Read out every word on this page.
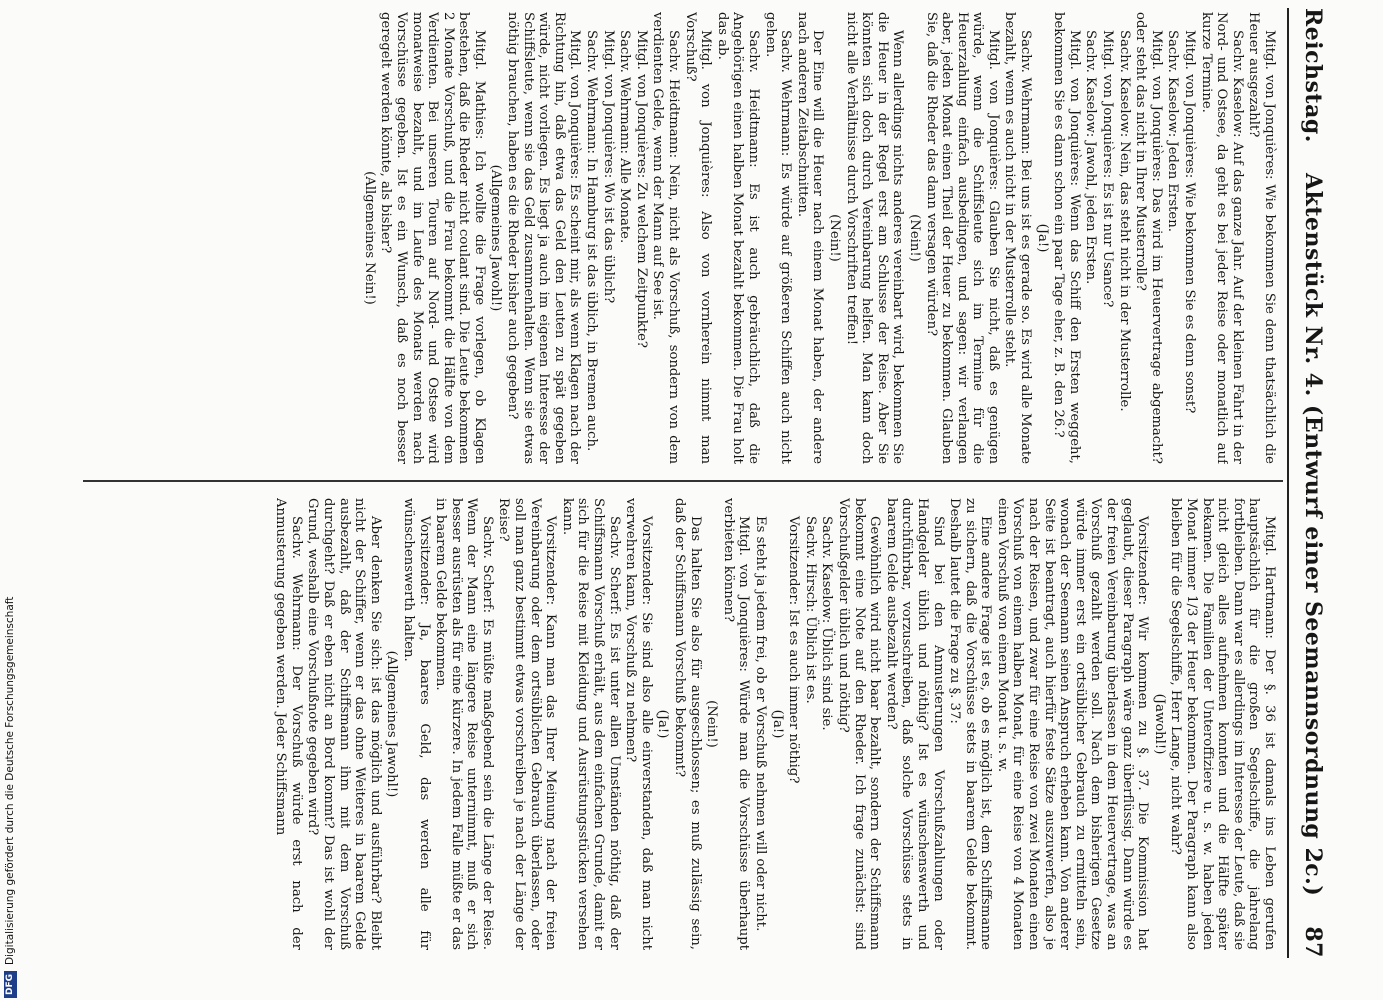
Reichstag.
Aktenstück Nr. 4. (Entwurf einer Seemannsordnung 2c.)
87

Mitgl. von Jonquières: Wie bekommen Sie denn thatsächlich die Heuer ausgezahlt?

Sachv. Kaselow: Auf das ganze Jahr. Auf der kleinen Fahrt in der Nord- und Ostsee, da geht es bei jeder Reise oder monatlich auf kurze Termine.

Mitgl. von Jonquières: Wie bekommen Sie es denn sonst?

Sachv. Kaselow: Jeden Ersten.

Mitgl. von Jonquières: Das wird im Heuervertrage abgemacht? oder steht das nicht in Ihrer Musterrolle?

Sachv. Kaselow: Nein, das steht nicht in der Musterrolle.

Mitgl. von Jonquières: Es ist nur Usance?

Sachv. Kaselow: Jawohl, jeden Ersten.

Mitgl. von Jonquières: Wenn das Schiff den Ersten weggeht, bekommen Sie es dann schon ein paar Tage eher, z. B. den 26.?

(Ja!)

Sachv. Wehrmann: Bei uns ist es gerade so. Es wird alle Monate bezahlt, wenn es auch nicht in der Musterrolle steht.

Mitgl. von Jonquières: Glauben Sie nicht, daß es genügen würde, wenn die Schiffsleute sich im Termine für die Heuerzahlung einfach ausbedingen, und sagen: wir verlangen aber, jeden Monat einen Theil der Heuer zu bekommen. Glauben Sie, daß die Rheder das dann versagen würden?

(Nein!)

Wenn allerdings nichts anderes vereinbart wird, bekommen Sie die Heuer in der Regel erst am Schlusse der Reise. Aber Sie könnten sich doch durch Vereinbarung helfen. Man kann doch nicht alle Verhältnisse durch Vorschriften treffen!

(Nein!)

Der Eine will die Heuer nach einem Monat haben, der andere nach anderen Zeitabschnitten.

Sachv. Wehrmann: Es würde auf größeren Schiffen auch nicht gehen.

Sachv. Heidtmann: Es ist auch gebräuchlich, daß die Angehörigen einen halben Monat bezahlt bekommen. Die Frau holt das ab.

Mitgl. von Jonquières: Also von vornherein nimmt man Vorschuß?

Sachv. Heidtmann: Nein, nicht als Vorschuß, sondern von dem verdienten Gelde, wenn der Mann auf See ist.

Mitgl. von Jonquières: Zu welchem Zeitpunkte?

Sachv. Wehrmann: Alle Monate.

Mitgl. von Jonquières: Wo ist das üblich?

Sachv. Wehrmann: In Hamburg ist das üblich, in Bremen auch.

Mitgl. von Jonquières: Es scheint mir, als wenn Klagen nach der Richtung hin, daß etwa das Geld den Leuten zu spät gegeben würde, nicht vorliegen. Es liegt ja auch im eigenen Interesse der Schiffsleute, wenn sie das Geld zusammenhalten. Wenn sie etwas nöthig brauchen, haben es die Rheder bisher auch gegeben?

(Allgemeines Jawohl!)

Mitgl. Mathies: Ich wollte die Frage vorlegen, ob Klagen bestehen, daß die Rheder nicht coulant sind. Die Leute bekommen 2 Monate Vorschuß, und die Frau bekommt die Hälfte von dem Verdienten. Bei unseren Touren auf Nord- und Ostsee wird monatweise bezahlt, und im Laufe des Monats werden nach Vorschüsse gegeben. Ist es ein Wunsch, daß es noch besser geregelt werden könnte, als bisher?

(Allgemeines Nein!)

Mitgl. Hartmann: Der §. 36 ist damals ins Leben gerufen hauptsächlich für die großen Segelschiffe, die jahrelang fortbleiben. Dann war es allerdings im Interesse der Leute, daß sie nicht gleich alles aufnehmen konnten und die Hälfte später bekamen. Die Familien der Unteroffiziere u. s. w. haben jeden Monat immer 1/3 der Heuer bekommen. Der Paragraph kann also bleiben für die Segelschiffe, Herr Lange, nicht wahr?

(Jawohl!)

Vorsitzender: Wir kommen zu §. 37. Die Kommission hat geglaubt, dieser Paragraph wäre ganz überflüssig. Dann würde es der freien Vereinbarung überlassen in dem Heuervertrage, was an Vorschuß gezahlt werden soll. Nach dem bisherigen Gesetze würde immer erst ein ortsüblicher Gebrauch zu ermitteln sein, wonach der Seemann seinen Anspruch erheben kann. Von anderer Seite ist beantragt, auch hierfür feste Sätze auszuwerfen, also je nach der Reisen, und zwar für eine Reise von zwei Monaten einen Vorschuß von einem halben Monat, für eine Reise von 4 Monaten einen Vorschuß von einem Monat u. s. w.

Eine andere Frage ist es, ob es möglich ist, dem Schiffsmanne zu sichern, daß die Vorschüsse stets in baarem Gelde bekommt. Deshalb lautet die Frage zu §. 37:

Sind bei den Anmusterungen Vorschußzahlungen oder Handgelder üblich und nöthig? Ist es wünschenswerth und durchführbar, vorzuschreiben, daß solche Vorschüsse stets in baarem Gelde ausbezahlt werden?

Gewöhnlich wird nicht baar bezahlt, sondern der Schiffsmann bekommt eine Note auf den Rheder. Ich frage zunächst: sind Vorschußgelder üblich und nöthig?

Sachv. Kaselow: Üblich sind sie.

Sachv. Hirsch: Üblich ist es.

Vorsitzender: Ist es auch immer nöthig?

(Ja!)

Es steht ja jedem frei, ob er Vorschuß nehmen will oder nicht.

Mitgl. von Jonquières: Würde man die Vorschüsse überhaupt verbieten können?

(Nein!)

Das halten Sie also für ausgeschlossen; es muß zulässig sein, daß der Schiffsmann Vorschuß bekommt?

(Ja!)

Vorsitzender: Sie sind also alle einverstanden, daß man nicht verwehren kann, Vorschuß zu nehmen?

Sachv. Scherf: Es ist unter allen Umständen nöthig, daß der Schiffsmann Vorschuß erhält, aus dem einfachen Grunde, damit er sich für die Reise mit Kleidung und Ausrüstungsstücken versehen kann.

Vorsitzender: Kann man das Ihrer Meinung nach der freien Vereinbarung oder dem ortsüblichen Gebrauch überlassen, oder soll man ganz bestimmt etwas vorschreiben je nach der Länge der Reise?

Sachv. Scherf: Es müßte maßgebend sein die Länge der Reise. Wenn der Mann eine längere Reise unternimmt, muß er sich besser ausrüsten als für eine kürzere. In jedem Falle müßte er das in baarem Gelde bekommen.

Vorsitzender: Ja, baares Geld, das werden alle für wünschenswerth halten.

(Allgemeines Jawohl!)

Aber denken Sie sich: ist das möglich und ausführbar? Bleibt nicht der Schiffer, wenn er das ohne Weiteres in baarem Gelde ausbezahlt, daß der Schiffsmann ihm mit dem Vorschuß durchgeht? Daß er eben nicht an Bord kommt? Das ist wohl der Grund, weshalb eine Vorschußnote gegeben wird?

Sachv. Wehrmann: Der Vorschuß würde erst nach der Anmusterung gegeben werden. Jeder Schiffsmann

DFG
Digitalisierung gefördert durch die Deutsche Forschungsgemeinschaft
